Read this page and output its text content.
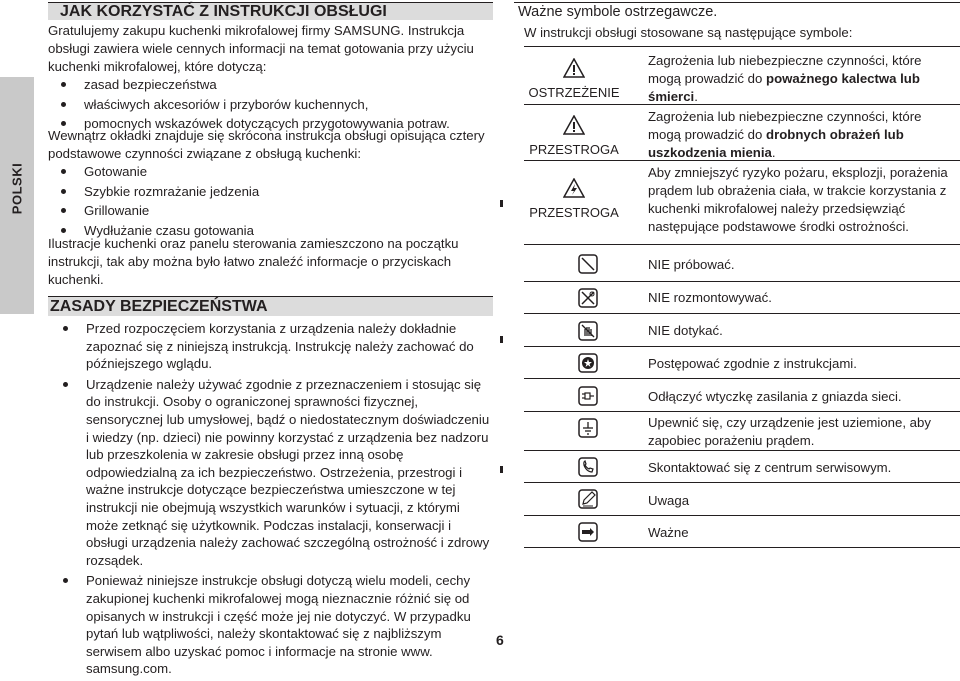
POLSKI
JAK KORZYSTAĆ Z INSTRUKCJI OBSŁUGI
Gratulujemy zakupu kuchenki mikrofalowej firmy SAMSUNG. Instrukcja obsługi zawiera wiele cennych informacji na temat gotowania przy użyciu kuchenki mikrofalowej, które dotyczą:
zasad bezpieczeństwa
właściwych akcesoriów i przyborów kuchennych,
pomocnych wskazówek dotyczących przygotowywania potraw.
Wewnątrz okładki znajduje się skrócona instrukcja obsługi opisująca cztery podstawowe czynności związane z obsługą kuchenki:
Gotowanie
Szybkie rozmrażanie jedzenia
Grillowanie
Wydłużanie czasu gotowania
Ilustracje kuchenki oraz panelu sterowania zamieszczono na początku instrukcji, tak aby można było łatwo znaleźć informacje o przyciskach kuchenki.
ZASADY BEZPIECZEŃSTWA
Przed rozpoczęciem korzystania z urządzenia należy dokładnie zapoznać się z niniejszą instrukcją. Instrukcję należy zachować do późniejszego wglądu.
Urządzenie należy używać zgodnie z przeznaczeniem i stosując się do instrukcji. Osoby o ograniczonej sprawności fizycznej, sensorycznej lub umysłowej, bądź o niedostatecznym doświadczeniu i wiedzy (np. dzieci) nie powinny korzystać z urządzenia bez nadzoru lub przeszkolenia w zakresie obsługi przez inną osobę odpowiedzialną za ich bezpieczeństwo. Ostrzeżenia, przestrogi i ważne instrukcje dotyczące bezpieczeństwa umieszczone w tej instrukcji nie obejmują wszystkich warunków i sytuacji, z którymi może zetknąć się użytkownik. Podczas instalacji, konserwacji i obsługi urządzenia należy zachować szczególną ostrożność i zdrowy rozsądek.
Ponieważ niniejsze instrukcje obsługi dotyczą wielu modeli, cechy zakupionej kuchenki mikrofalowej mogą nieznacznie różnić się od opisanych w instrukcji i część może jej nie dotyczyć. W przypadku pytań lub wątpliwości, należy skontaktować się z najbliższym serwisem albo uzyskać pomoc i informacje na stronie www. samsung.com.
6
Ważne symbole ostrzegawcze.
W instrukcji obsługi stosowane są następujące symbole:
OSTRZEŻENIE
Zagrożenia lub niebezpieczne czynności, które mogą prowadzić do poważnego kalectwa lub śmierci.
PRZESTROGA
Zagrożenia lub niebezpieczne czynności, które mogą prowadzić do drobnych obrażeń lub uszkodzenia mienia.
PRZESTROGA
Aby zmniejszyć ryzyko pożaru, eksplozji, porażenia prądem lub obrażenia ciała, w trakcie korzystania z kuchenki mikrofalowej należy przedsięwziąć następujące podstawowe środki ostrożności.
NIE próbować.
NIE rozmontowywać.
NIE dotykać.
Postępować zgodnie z instrukcjami.
Odłączyć wtyczkę zasilania z gniazda sieci.
Upewnić się, czy urządzenie jest uziemione, aby zapobiec porażeniu prądem.
Skontaktować się z centrum serwisowym.
Uwaga
Ważne
